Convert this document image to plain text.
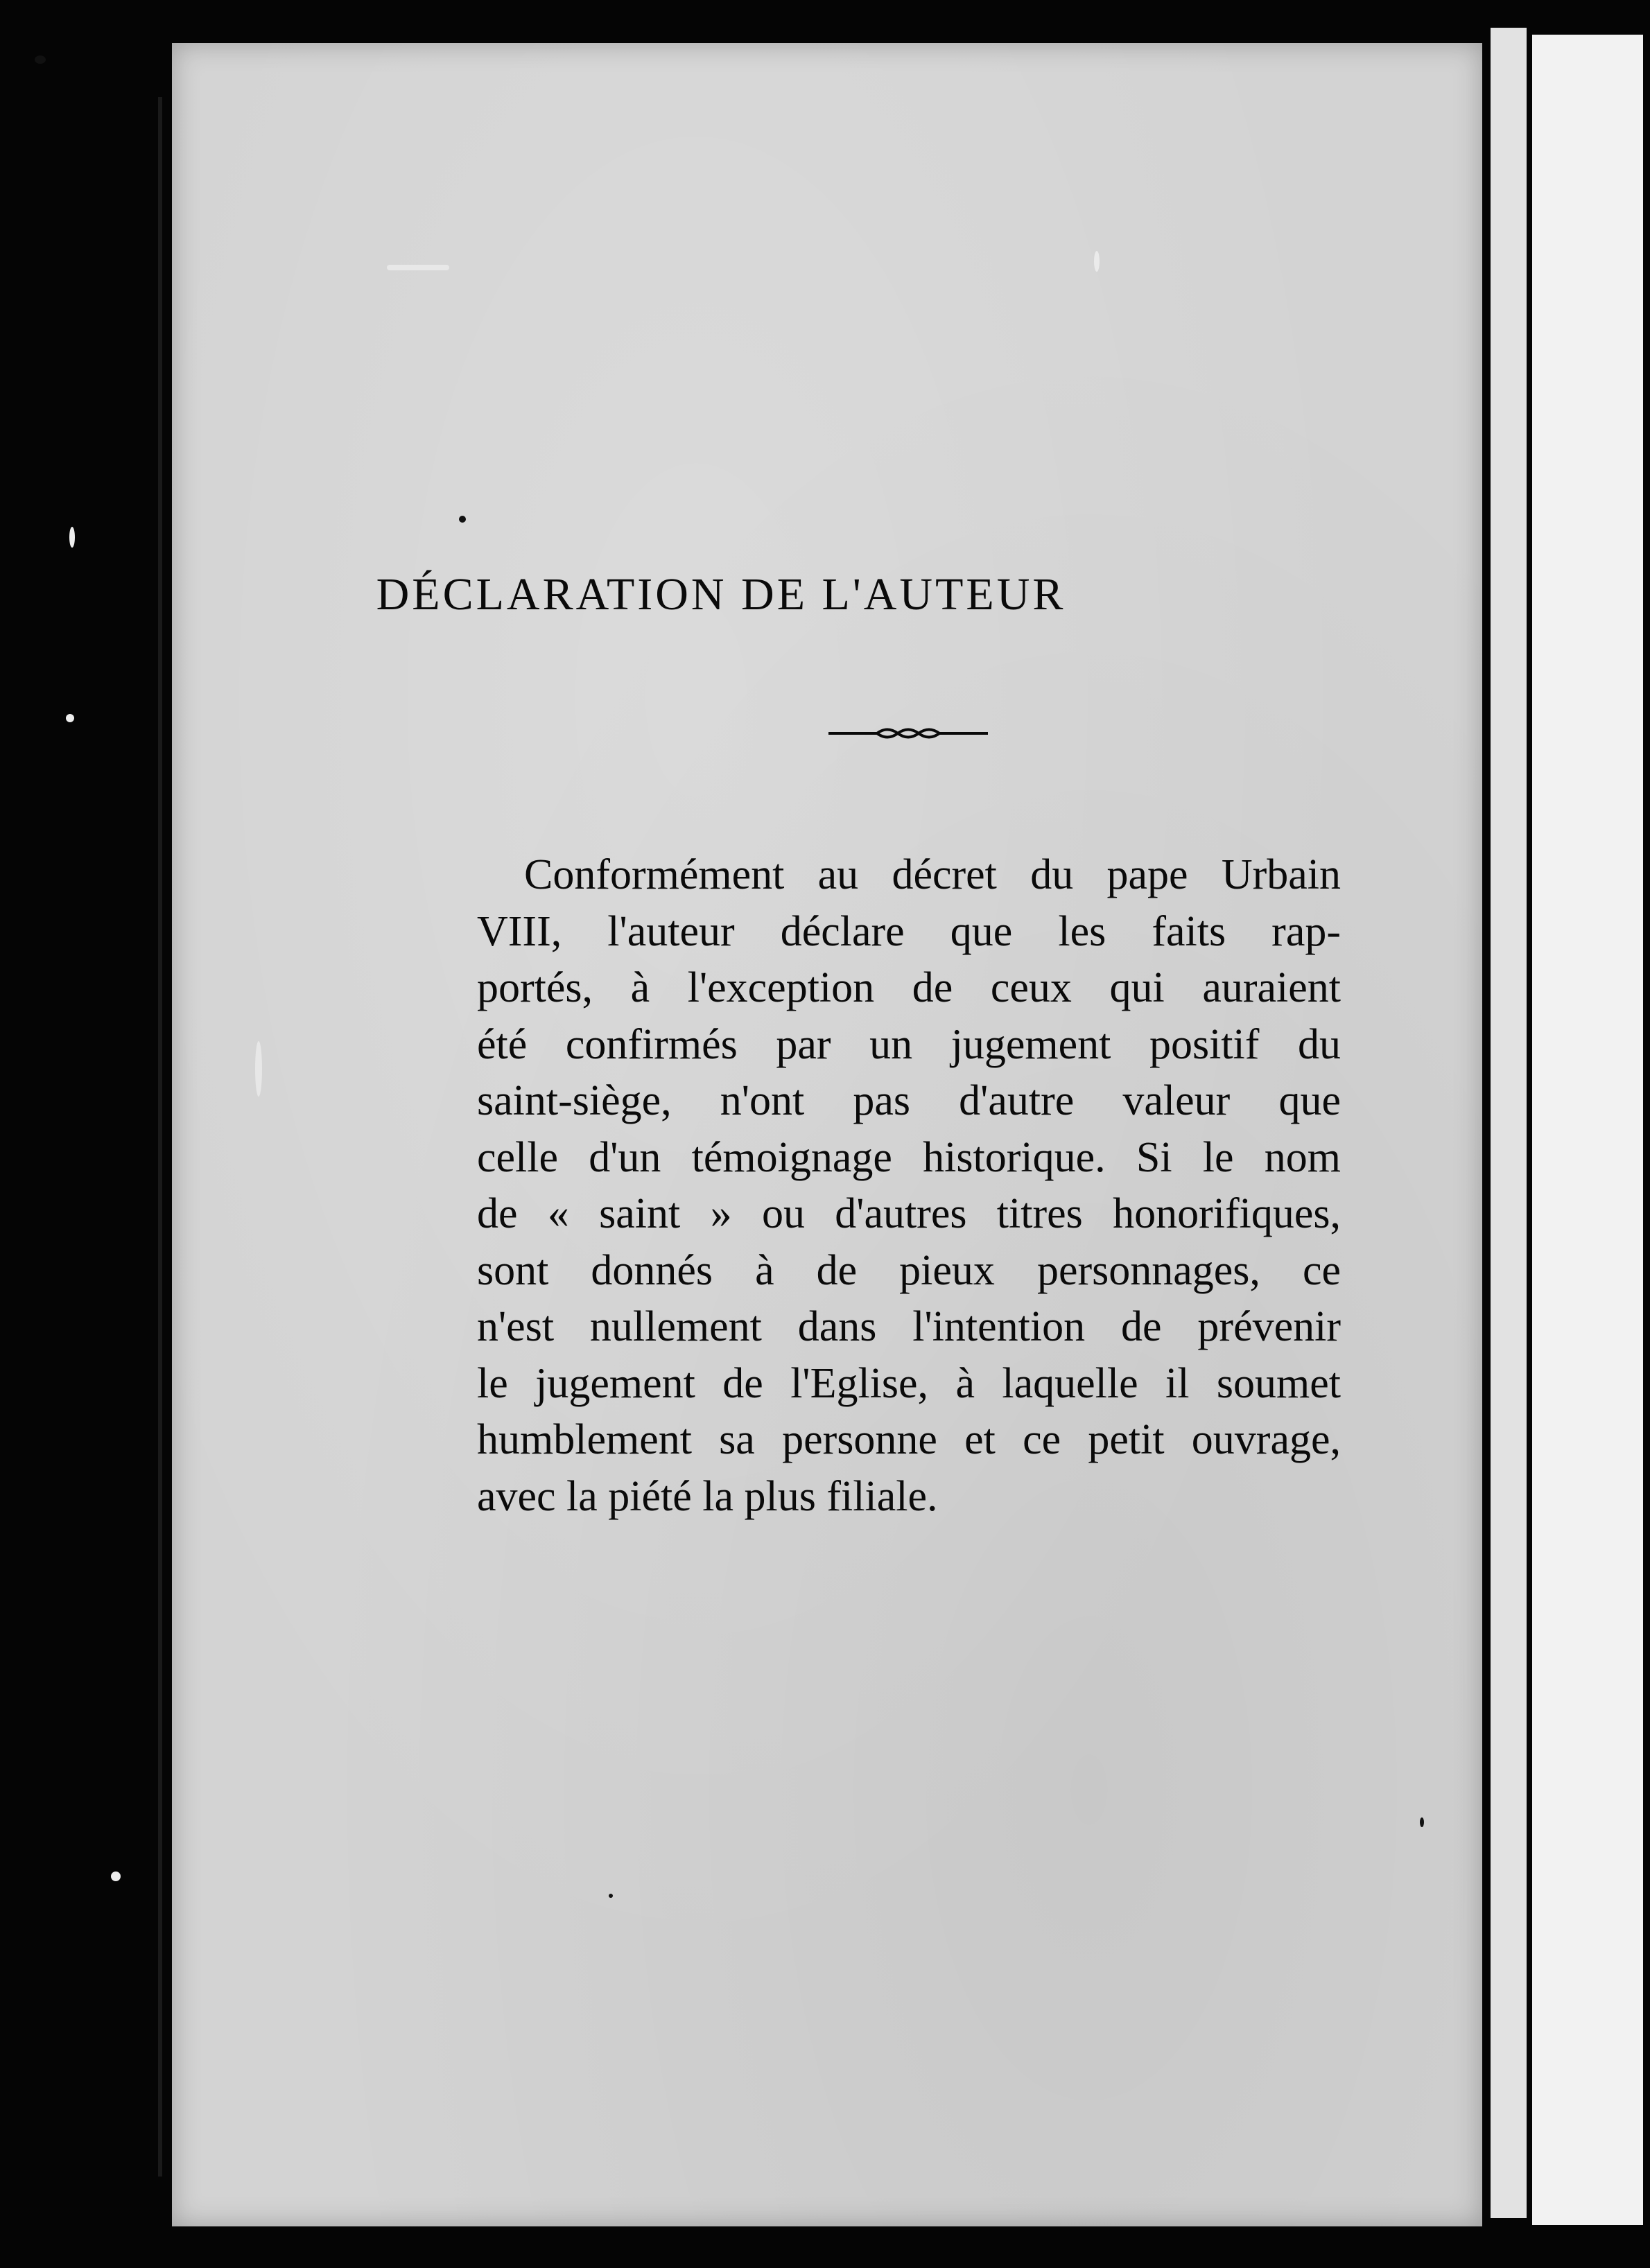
DÉCLARATION DE L'AUTEUR
Conformément au décret du pape Urbain
VIII, l'auteur déclare que les faits rap-
portés, à l'exception de ceux qui auraient
été confirmés par un jugement positif du
saint-siège, n'ont pas d'autre valeur que
celle d'un témoignage historique. Si le nom
de « saint » ou d'autres titres honorifiques,
sont donnés à de pieux personnages, ce
n'est nullement dans l'intention de prévenir
le jugement de l'Eglise, à laquelle il soumet
humblement sa personne et ce petit ouvrage,
avec la piété la plus filiale.
